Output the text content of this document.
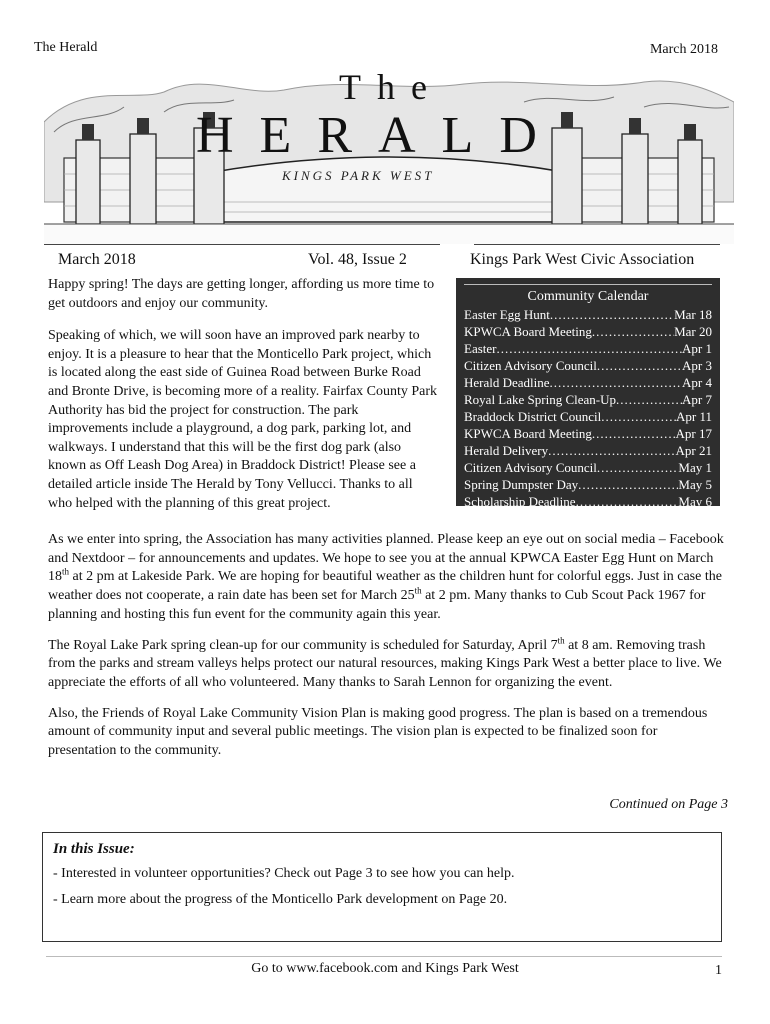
The Herald	March 2018
The
HERALD
KINGS PARK WEST
March 2018	Vol. 48, Issue 2	Kings Park West Civic Association

Happy spring! The days are getting longer, affording us more time to get outdoors and enjoy our community.

Speaking of which, we will soon have an improved park nearby to enjoy. It is a pleasure to hear that the Monticello Park project, which is located along the east side of Guinea Road between Burke Road and Bronte Drive, is becoming more of a reality. Fairfax County Park Authority has bid the project for construction. The park improvements include a playground, a dog park, parking lot, and walkways. I understand that this will be the first dog park (also known as Off Leash Dog Area) in Braddock District! Please see a detailed article inside The Herald by Tony Vellucci. Thanks to all who helped with the planning of this great project.

Community Calendar
Easter Egg Hunt .....	Mar 18
KPWCA Board Meeting .....	Mar 20
Easter .....	Apr 1
Citizen Advisory Council .....	Apr 3
Herald Deadline .....	Apr 4
Royal Lake Spring Clean-Up .....	Apr 7
Braddock District Council .....	Apr 11
KPWCA Board Meeting .....	Apr 17
Herald Delivery .....	Apr 21
Citizen Advisory Council .....	May 1
Spring Dumpster Day .....	May 5
Scholarship Deadline .....	May 6

As we enter into spring, the Association has many activities planned. Please keep an eye out on social media – Facebook and Nextdoor – for announcements and updates. We hope to see you at the annual KPWCA Easter Egg Hunt on March 18th at 2 pm at Lakeside Park. We are hoping for beautiful weather as the children hunt for colorful eggs. Just in case the weather does not cooperate, a rain date has been set for March 25th at 2 pm. Many thanks to Cub Scout Pack 1967 for planning and hosting this fun event for the community again this year.

The Royal Lake Park spring clean-up for our community is scheduled for Saturday, April 7th at 8 am. Removing trash from the parks and stream valleys helps protect our natural resources, making Kings Park West a better place to live. We appreciate the efforts of all who volunteered. Many thanks to Sarah Lennon for organizing the event.

Also, the Friends of Royal Lake Community Vision Plan is making good progress. The plan is based on a tremendous amount of community input and several public meetings. The vision plan is expected to be finalized soon for presentation to the community.

Continued on Page 3
In this Issue:
- Interested in volunteer opportunities? Check out Page 3 to see how you can help.
- Learn more about the progress of the Monticello Park development on Page 20.
Go to www.facebook.com and Kings Park West	1
